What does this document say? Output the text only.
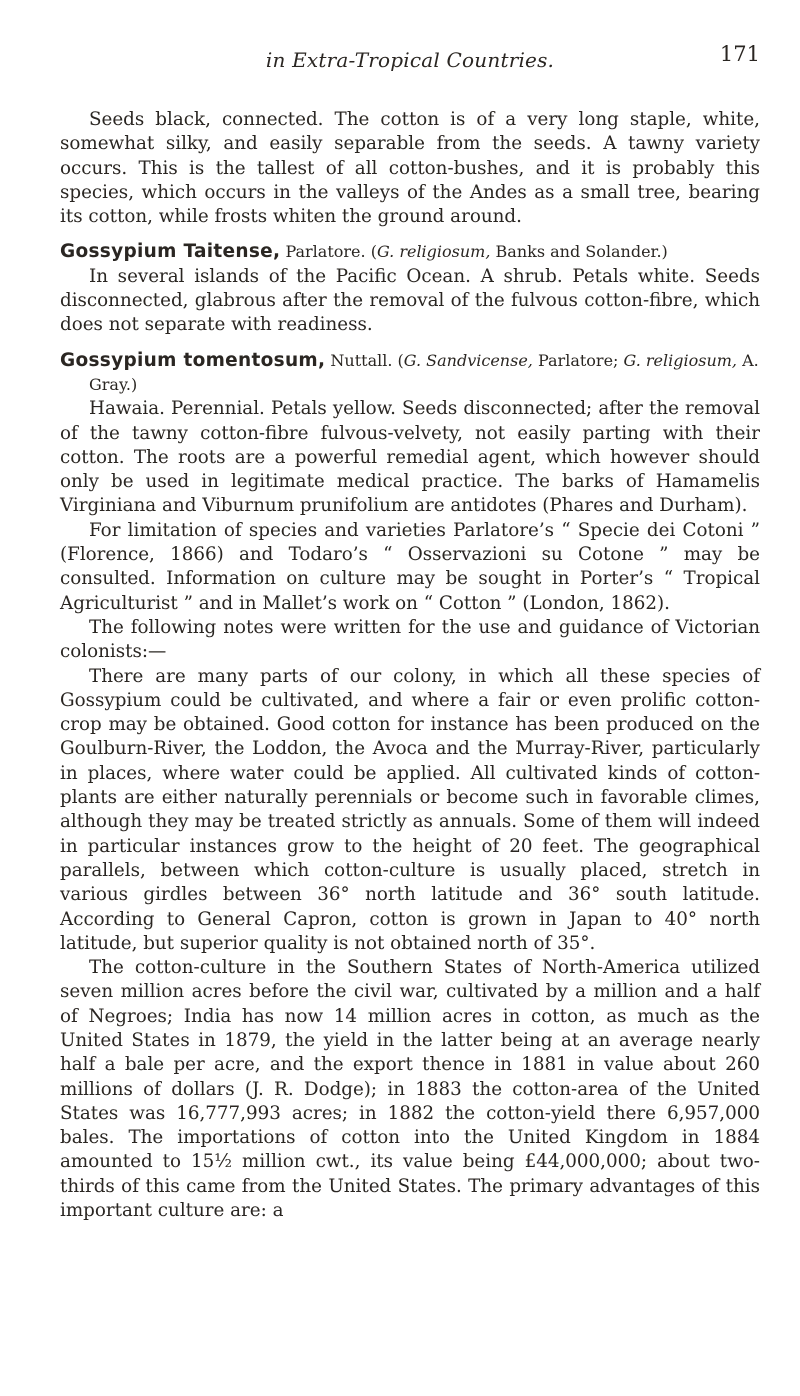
in Extra-Tropical Countries.	171

Seeds black, connected. The cotton is of a very long staple, white, somewhat silky, and easily separable from the seeds. A tawny variety occurs. This is the tallest of all cotton-bushes, and it is probably this species, which occurs in the valleys of the Andes as a small tree, bearing its cotton, while frosts whiten the ground around.

Gossypium Taitense, Parlatore. (G. religiosum, Banks and Solander.)

In several islands of the Pacific Ocean. A shrub. Petals white. Seeds disconnected, glabrous after the removal of the fulvous cotton-fibre, which does not separate with readiness.

Gossypium tomentosum, Nuttall. (G. Sandvicense, Parlatore; G. religiosum, A. Gray.)

Hawaia. Perennial. Petals yellow. Seeds disconnected; after the removal of the tawny cotton-fibre fulvous-velvety, not easily parting with their cotton. The roots are a powerful remedial agent, which however should only be used in legitimate medical practice. The barks of Hamamelis Virginiana and Viburnum prunifolium are antidotes (Phares and Durham).

For limitation of species and varieties Parlatore’s “ Specie dei Cotoni ” (Florence, 1866) and Todaro’s “ Osservazioni su Cotone ” may be consulted. Information on culture may be sought in Porter’s “ Tropical Agriculturist ” and in Mallet’s work on “ Cotton ” (London, 1862).

The following notes were written for the use and guidance of Victorian colonists:—

There are many parts of our colony, in which all these species of Gossypium could be cultivated, and where a fair or even prolific cotton-crop may be obtained. Good cotton for instance has been produced on the Goulburn-River, the Loddon, the Avoca and the Murray-River, particularly in places, where water could be applied. All cultivated kinds of cotton-plants are either naturally perennials or become such in favorable climes, although they may be treated strictly as annuals. Some of them will indeed in particular instances grow to the height of 20 feet. The geographical parallels, between which cotton-culture is usually placed, stretch in various girdles between 36° north latitude and 36° south latitude. According to General Capron, cotton is grown in Japan to 40° north latitude, but superior quality is not obtained north of 35°.

The cotton-culture in the Southern States of North-America utilized seven million acres before the civil war, cultivated by a million and a half of Negroes; India has now 14 million acres in cotton, as much as the United States in 1879, the yield in the latter being at an average nearly half a bale per acre, and the export thence in 1881 in value about 260 millions of dollars (J. R. Dodge); in 1883 the cotton-area of the United States was 16,777,993 acres; in 1882 the cotton-yield there 6,957,000 bales. The importations of cotton into the United Kingdom in 1884 amounted to 15½ million cwt., its value being £44,000,000; about two-thirds of this came from the United States. The primary advantages of this important culture are: a
